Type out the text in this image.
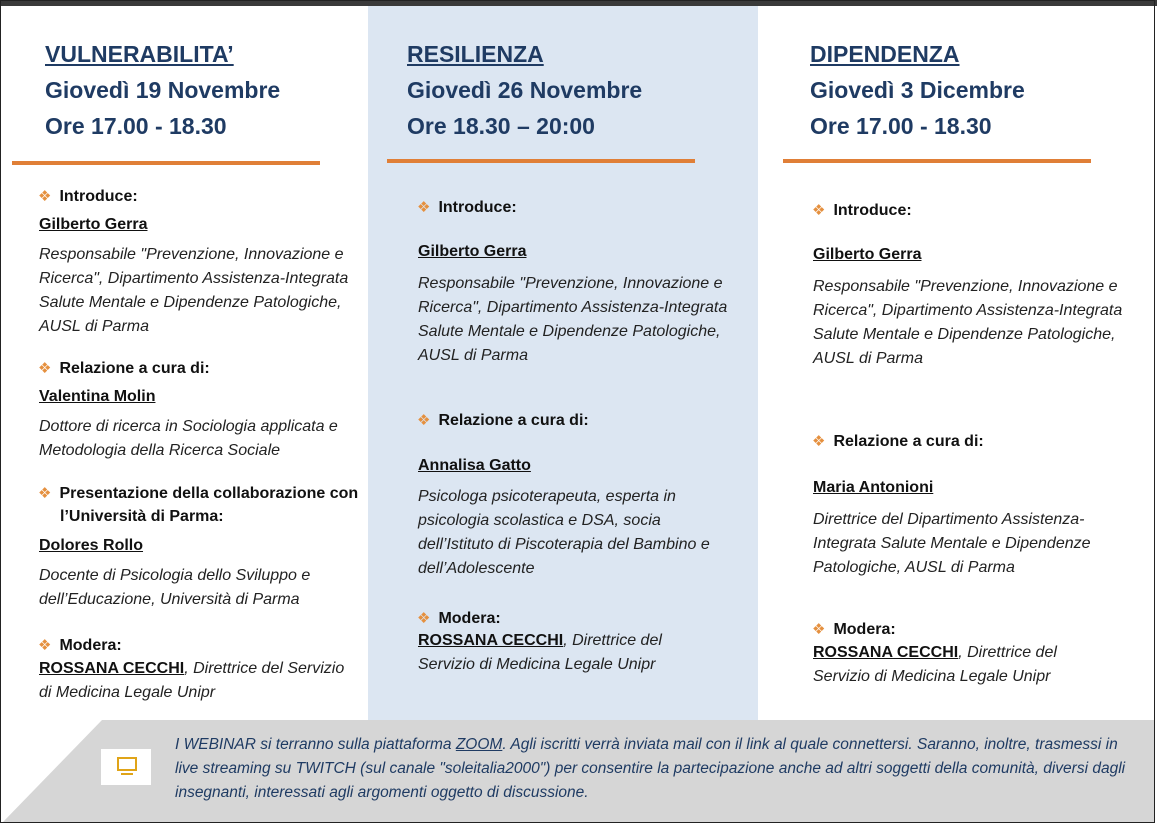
VULNERABILITA’
Giovedì 19 Novembre
Ore 17.00 - 18.30
❖ Introduce:
Gilberto Gerra
Responsabile "Prevenzione, Innovazione e Ricerca", Dipartimento Assistenza-Integrata Salute Mentale e Dipendenze Patologiche, AUSL di Parma
❖ Relazione a cura di:
Valentina Molin
Dottore di ricerca in Sociologia applicata e Metodologia della Ricerca Sociale
❖ Presentazione della collaborazione con l’Università di Parma:
Dolores Rollo
Docente di Psicologia dello Sviluppo e dell’Educazione, Università di Parma
❖ Modera:
ROSSANA CECCHI, Direttrice del Servizio di Medicina Legale Unipr
RESILIENZA
Giovedì 26 Novembre
Ore 18.30 – 20:00
❖ Introduce:
Gilberto Gerra
Responsabile "Prevenzione, Innovazione e Ricerca", Dipartimento Assistenza-Integrata Salute Mentale e Dipendenze Patologiche, AUSL di Parma
❖ Relazione a cura di:
Annalisa Gatto
Psicologa psicoterapeuta, esperta in psicologia scolastica e DSA, socia dell’Istituto di Piscoterapia del Bambino e dell’Adolescente
❖ Modera:
ROSSANA CECCHI, Direttrice del Servizio di Medicina Legale Unipr
DIPENDENZA
Giovedì 3 Dicembre
Ore 17.00 - 18.30
❖ Introduce:
Gilberto Gerra
Responsabile "Prevenzione, Innovazione e Ricerca", Dipartimento Assistenza-Integrata Salute Mentale e Dipendenze Patologiche, AUSL di Parma
❖ Relazione a cura di:
Maria Antonioni
Direttrice del Dipartimento Assistenza-Integrata Salute Mentale e Dipendenze Patologiche, AUSL di Parma
❖ Modera:
ROSSANA CECCHI, Direttrice del Servizio di Medicina Legale Unipr
I WEBINAR si terranno sulla piattaforma ZOOM. Agli iscritti verrà inviata mail con il link al quale connettersi. Saranno, inoltre, trasmessi in live streaming su TWITCH (sul canale "soleitalia2000") per consentire la partecipazione anche ad altri soggetti della comunità, diversi dagli insegnanti, interessati agli argomenti oggetto di discussione.
